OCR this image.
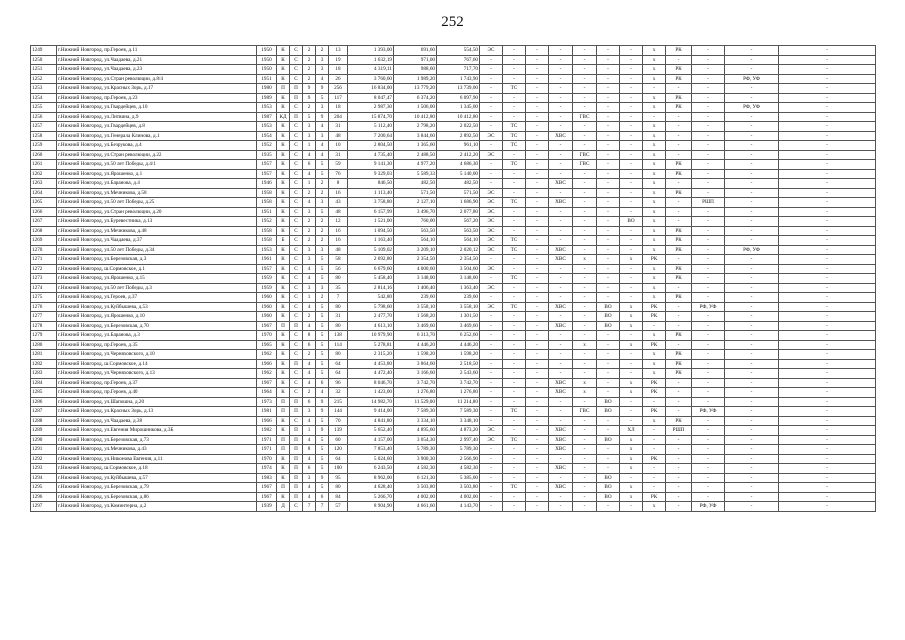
252
1249	г.Нижний Новгород, пр.Героев, д.11	1950	К	С	2	2	13	1 393,00	691,60	554,50	ЭС	-	-	-	-	-	-	х	РК	-	-	-
1250	г.Нижний Новгород, ул.Чаадаева, д.21	1950	К	С	2	3	19	1 632,19	971,00	767,60	-	-	-	-	-	-	-	х	-	-	-	-
1251	г.Нижний Новгород, ул.Чаадаева, д.23	1950	К	С	2	3	18	4 319,11	988,60	717,70	-	-	-	-	-	-	-	х	РК	-	-	-
1252	г.Нижний Новгород, ул.Стран революции, д.8/4	1951	К	С	2	4	26	3 760,60	1 989,20	1 743,90	-	-	-	-	-	-	-	х	РК	-	РФ, УФ	-
1253	г.Нижний Новгород, ул.Красных Зорь, д.17	1980	П	П	9	9	256	16 834,00	13 779,20	13 739,00	-	ТС	-	-	-	-	-	-	-	-	-	-
1254	г.Нижний Новгород, пр.Героев, д.23	1989	К	П	9	5	117	8 047,47	6 374,20	6 097,90	-	-	-	-	-	-	-	х	РК	-	-	-
1255	г.Нижний Новгород, ул.Гвардейцев, д.10	1953	К	С	2	3	18	2 987,30	1 506,00	1 345,00	-	-	-	-	-	-	-	х	РК	-	РФ, УФ	-
1256	г.Нижний Новгород, ул.Литвина, д.9	1987	КД	П	5	9	204	15 874,70	10 412,80	10 412,80	-	-	-	-	ГВС	-	-	-	-	-	-	-
1257	г.Нижний Новгород, ул.Гвардейцев, д.8	1953	К	С	3	4	31	5 112,40	2 798,20	2 022,50	-	ТС	-	-	-	-	-	х	-	-	-	-
1258	г.Нижний Новгород, ул.Генерала Клинова, д.1	1954	К	С	3	3	48	7 200,64	3 844,60	2 892,50	ЭС	ТС	-	ХВС	-	-	-	х	-	-	-	-
1259	г.Нижний Новгород, ул.Безрукова, д.4	1952	К	С	1	4	10	2 804,50	1 365,60	961,10	-	ТС	-	-	-	-	-	х	-	-	-	-
1260	г.Нижний Новгород, ул.Стран революции, д.22	1935	К	С	4	4	31	4 735,40	2 488,50	2 412,20	ЭС	-	-	-	ГВС	-	-	х	-	-	-	-
1261	г.Нижний Новгород, ул.50 лет Победы, д.4/1	1957	К	С	6	5	59	9 141,30	4 977,20	4 686,30	-	ТС	-	-	ГВС	-	-	х	РК	-	-	-
1262	г.Нижний Новгород, ул.Ярошенко, д.1	1957	К	С	4	5	76	9 329,03	5 589,33	5 140,00	-	-	-	-	-	-	-	х	РК	-	-	-
1263	г.Нижний Новгород, ул.Баранова, д.4	1946	К	С	1	2	8	846,50	482,50	482,50	-	-	-	ХВС	-	-	-	х	-	-	-	-
1264	г.Нижний Новгород, ул.Мечникова, д.58	1958	К	С	2	2	16	1 113,40	571,50	571,50	ЭС	-	-	-	-	-	-	х	РК	-	-	-
1265	г.Нижний Новгород, ул.50 лет Победы, д.25	1958	К	С	4	3	43	3 758,80	2 127,10	1 686,90	ЭС	ТС	-	ХВС	-	-	-	х	-	РШП	-	-
1266	г.Нижний Новгород, ул.Стран революции, д.20	1951	К	С	3	5	48	6 157,99	3 496,70	2 077,80	ЭС	-	-	-	-	-	-	х	-	-	-	-
1267	г.Нижний Новгород, ул.Буревестника, д.13	1952	К	С	2	2	12	1 521,00	760,00	567,20	ЭС	-	-	-	-	-	ВО	х	-	-	-	-
1268	г.Нижний Новгород, ул.Мечникова, д.48	1958	К	С	2	2	16	1 094,50	563,50	563,50	ЭС	-	-	-	-	-	-	х	РК	-	-	-
1269	г.Нижний Новгород, ул.Чаадаева, д.37	1958	Б	С	2	2	16	1 163,40	564,10	564,10	ЭС	ТС	-	-	-	-	-	х	РК	-	-	-
1270	г.Нижний Новгород, ул.50 лет Победы, д.34	1953	К	С	3	3	48	5 109,02	3 209,10	2 020,12	ЭС	ТС	-	ХВС	-	-	-	х	РК	-	РФ, УФ	-
1271	г.Нижний Новгород, ул.Березовская, д.3	1961	К	С	3	5	58	2 692,80	2 354,50	2 354,50	-	-	-	ХВС	х	-	х	РК	-	-	-	-
1272	г.Нижний Новгород, ш.Сормовское, д.1	1957	К	С	4	5	56	6 679,60	4 000,60	3 504,60	ЭС	-	-	-	-	-	-	х	РК	-	-	-
1273	г.Нижний Новгород, ул.Ярошенко, д.15	1959	К	С	4	5	80	5 458,40	3 148,00	3 148,00	-	ТС	-	-	-	-	-	х	РК	-	-	-
1274	г.Нижний Новгород, ул.50 лет Победы, д.3	1959	К	С	3	3	35	2 814,16	1 406,40	1 363,40	ЭС	-	-	-	-	-	-	х	-	-	-	-
1275	г.Нижний Новгород, ул.Героев, д.37	1960	К	С	1	2	7	542,80	239,60	239,60	-	-	-	-	-	-	-	х	РК	-	-	-
1276	г.Нижний Новгород, ул.Куйбышева, д.53	1960	К	С	4	5	80	5 798,60	3 558,10	3 558,10	ЭС	ТС	-	ХВС	-	ВО	х	РК	-	РФ, УФ	-	-
1277	г.Нижний Новгород, ул.Ярошенко, д.10	1960	К	С	2	5	31	2 477,70	1 568,20	1 301,50	-	-	-	-	-	ВО	х	РК	-	-	-	-
1278	г.Нижний Новгород, ул.Березовская, д.70	1967	П	П	4	5	80	4 613,10	3 469,60	3 469,60	-	-	-	ХВС	-	ВО	х	-	-	-	-	-
1279	г.Нижний Новгород, ул.Баранова, д.3	1970	К	С	8	5	138	10 979,90	6 313,70	6 252,60	-	-	-	-	-	-	-	х	РК	-	-	-
1280	г.Нижний Новгород, пр.Героев, д.35	1965	К	С	6	5	114	5 278,81	4 446,20	4 446,20	-	-	-	-	х	-	х	РК	-	-	-	-
1281	г.Нижний Новгород, ул.Черняховского, д.10	1962	К	С	2	5	80	2 315,20	1 598,20	1 598,20	-	-	-	-	-	-	-	х	РК	-	-	-
1282	г.Нижний Новгород, ш.Сормовское, д.14	1966	К	П	4	5	64	4 453,80	3 864,60	2 518,50	-	-	-	-	-	-	-	х	РК	-	-	-
1283	г.Нижний Новгород, ул.Черняховского, д.13	1962	К	С	4	5	64	4 472,40	3 166,60	2 543,60	-	-	-	-	-	-	-	х	РК	-	-	-
1284	г.Нижний Новгород, пр.Героев, д.37	1967	К	С	4	6	96	8 046,70	3 742,70	3 742,70	-	-	-	ХВС	х	-	х	РК	-	-	-	-
1285	г.Нижний Новгород, пр.Героев, д.40	1964	К	С	2	4	32	1 423,00	1 276,80	1 276,80	-	-	-	ХВС	х	-	х	РК	-	-	-	-
1286	г.Нижний Новгород, ул.Шапошна, д.20	1973	П	П	6	9	215	14 982,70	11 529,00	11 214,80	-	-	-	-	-	ВО	-	-	-	-	-	-
1287	г.Нижний Новгород, ул.Красных Зорь, д.13	1981	П	П	3	9	144	9 414,00	7 589,30	7 589,30	-	ТС	-	-	ГВС	ВО	-	РК	-	РФ, УФ	-	-
1288	г.Нижний Новгород, ул.Чаадаева, д.38	1966	К	С	4	5	70	4 841,80	3 334,10	3 348,10	-	-	-	-	-	-	-	х	РК	-	-	-
1289	г.Нижний Новгород, ул.Евгения Мирошникова, д.3Б	1982	К	П	1	9	139	5 652,40	4 895,60	4 873,20	ЭС	-	-	ХВС	-	-	ХЛ	-	РШП	-	-	-
1290	г.Нижний Новгород, ул.Березовская, д.73	1971	П	П	4	5	60	4 157,00	3 054,30	2 997,40	ЭС	ТС	-	ХВС	-	ВО	х	-	-	-	-	-
1291	г.Нижний Новгород, ул.Мечникова, д.43	1971	П	П	8	5	120	7 853,40	5 789,30	5 789,30	-	-	-	ХВС	-	-	х	-	-	-	-	-
1292	г.Нижний Новгород, ул.Никонова Евгения, д.11	1970	К	П	4	5	64	5 024,60	3 900,30	2 566,90	-	-	-	-	-	-	х	РК	-	-	-	-
1293	г.Нижний Новгород, ш.Сормовское, д.18	1974	К	П	6	5	100	6 243,50	4 582,30	4 582,30	-	-	-	ХВС	-	-	х	-	-	-	-	-
1294	г.Нижний Новгород, ул.Куйбышева, д.57	1983	К	П	3	9	95	8 962,00	6 121,30	5 385,00	-	-	-	-	-	ВО	-	-	-	-	-	-
1295	г.Нижний Новгород, ул.Березовская, д.79	1967	П	П	4	5	80	4 628,40	3 503,80	3 503,80	-	ТС	-	ХВС	-	ВО	х	-	-	-	-	-
1296	г.Нижний Новгород, ул.Березовская, д.86	1967	К	П	4	6	84	5 266,70	4 002,00	4 002,00	-	-	-	-	-	ВО	х	РК	-	-	-	-
1297	г.Нижний Новгород, ул.Коминтерна, д.2	1939	Д	С	7	7	57	8 904,90	4 661,60	4 143,70	-	-	-	-	-	-	-	х	-	РФ, УФ	-	-
